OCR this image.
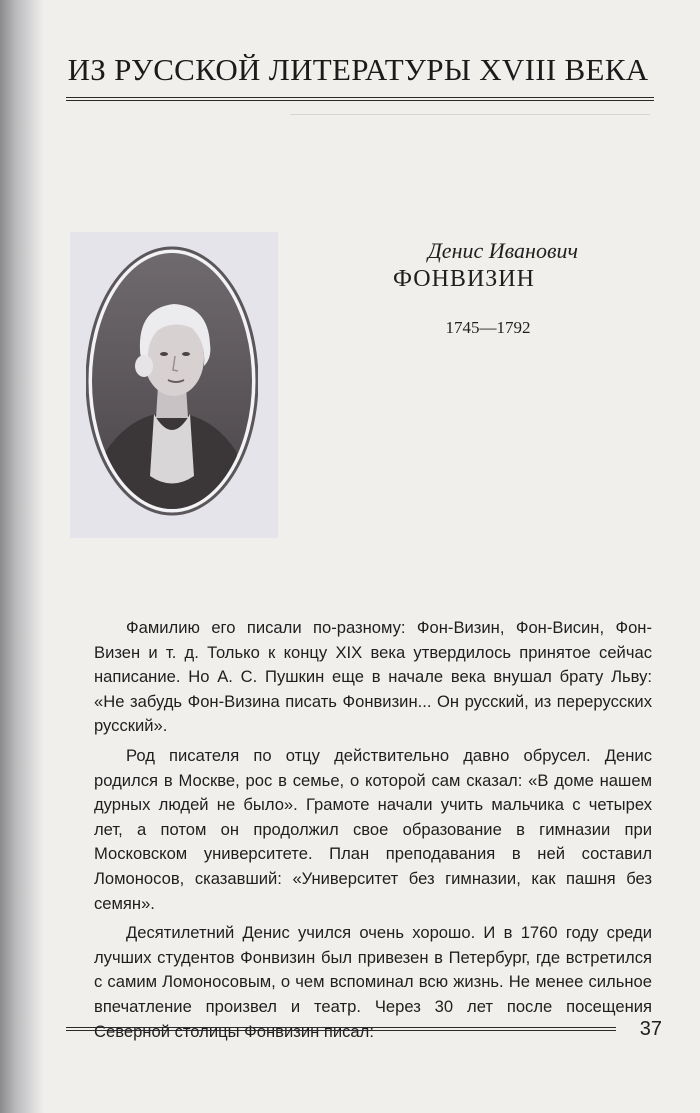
ИЗ РУССКОЙ ЛИТЕРАТУРЫ XVIII ВЕКА
Денис Иванович
ФОНВИЗИН
1745—1792

Фамилию его писали по-разному: Фон-Визин, Фон-Висин, Фон-Визен и т. д. Только к концу XIX века утвердилось принятое сейчас написание. Но А. С. Пушкин еще в начале века внушал брату Льву: «Не забудь Фон-Визина писать Фонвизин... Он русский, из перерусских русский».

Род писателя по отцу действительно давно обрусел. Денис родился в Москве, рос в семье, о которой сам сказал: «В доме нашем дурных людей не было». Грамоте начали учить мальчика с четырех лет, а потом он продолжил свое образование в гимназии при Московском университете. План преподавания в ней составил Ломоносов, сказавший: «Университет без гимназии, как пашня без семян».

Десятилетний Денис учился очень хорошо. И в 1760 году среди лучших студентов Фонвизин был привезен в Петербург, где встретился с самим Ломоносовым, о чем вспоминал всю жизнь. Не менее сильное впечатление произвел и театр. Через 30 лет после посещения Северной столицы Фонвизин писал:	37
